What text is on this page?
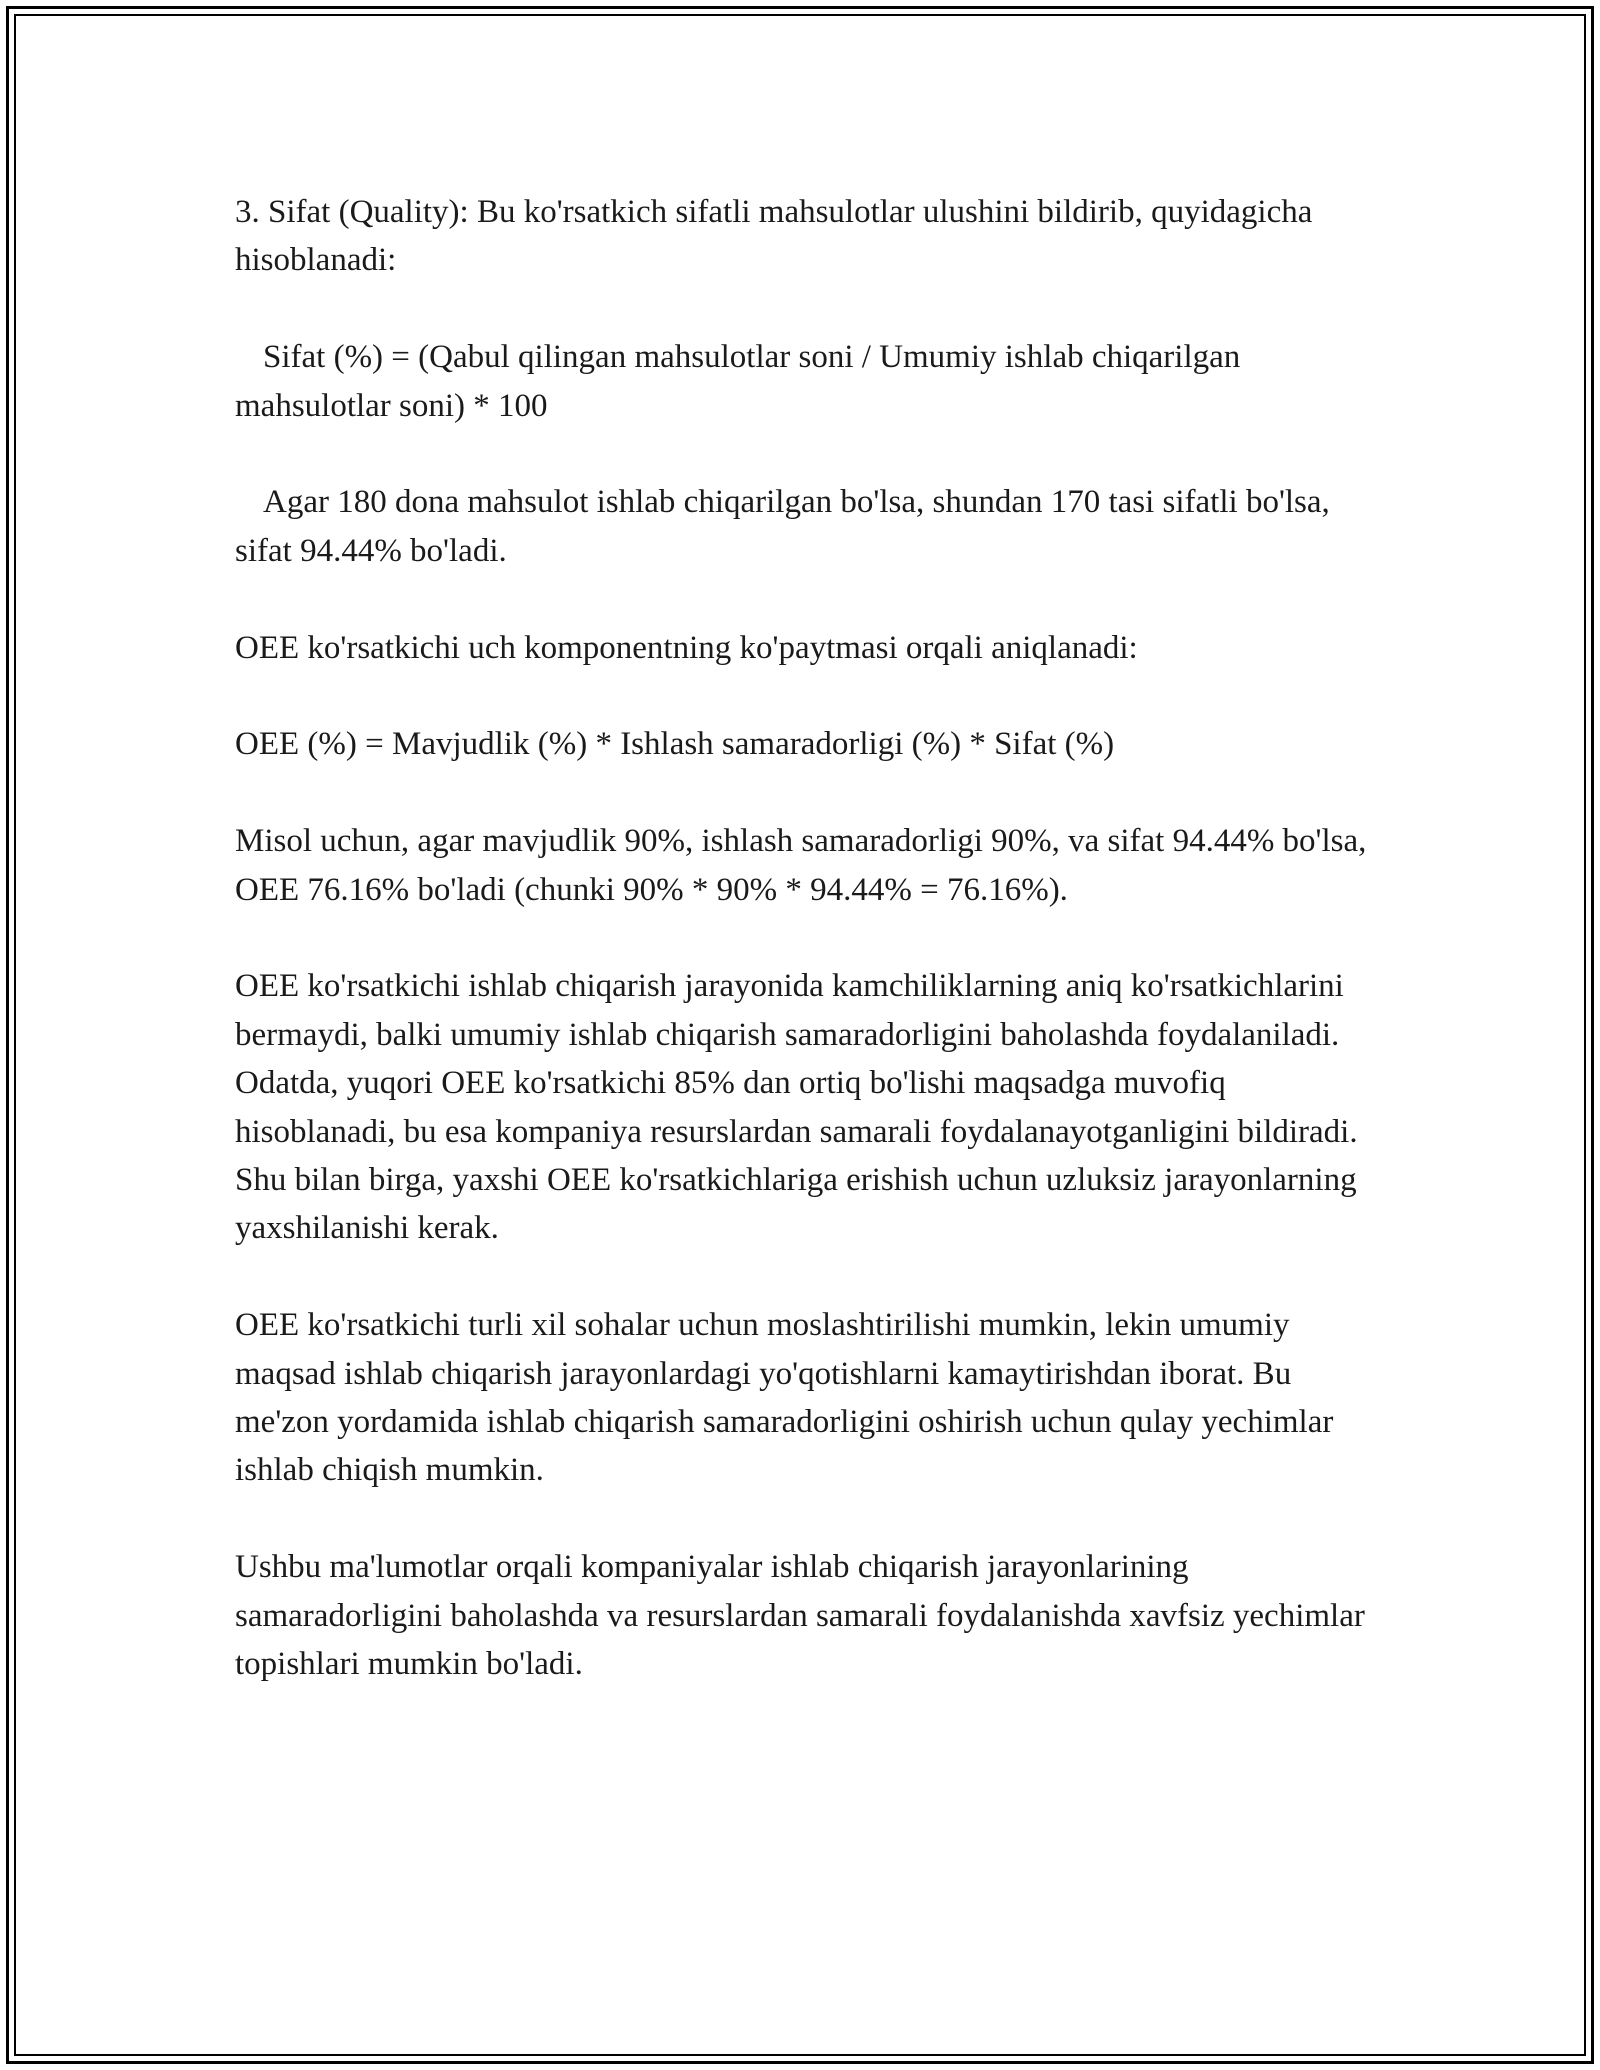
3. Sifat (Quality): Bu ko'rsatkich sifatli mahsulotlar ulushini bildirib, quyidagicha hisoblanadi:

Sifat (%) = (Qabul qilingan mahsulotlar soni / Umumiy ishlab chiqarilgan mahsulotlar soni) * 100

Agar 180 dona mahsulot ishlab chiqarilgan bo'lsa, shundan 170 tasi sifatli bo'lsa, sifat 94.44% bo'ladi.

OEE ko'rsatkichi uch komponentning ko'paytmasi orqali aniqlanadi:

OEE (%) = Mavjudlik (%) * Ishlash samaradorligi (%) * Sifat (%)

Misol uchun, agar mavjudlik 90%, ishlash samaradorligi 90%, va sifat 94.44% bo'lsa, OEE 76.16% bo'ladi (chunki 90% * 90% * 94.44% = 76.16%).

OEE ko'rsatkichi ishlab chiqarish jarayonida kamchiliklarning aniq ko'rsatkichlarini bermaydi, balki umumiy ishlab chiqarish samaradorligini baholashda foydalaniladi. Odatda, yuqori OEE ko'rsatkichi 85% dan ortiq bo'lishi maqsadga muvofiq hisoblanadi, bu esa kompaniya resurslardan samarali foydalanayotganligini bildiradi. Shu bilan birga, yaxshi OEE ko'rsatkichlariga erishish uchun uzluksiz jarayonlarning yaxshilanishi kerak.

OEE ko'rsatkichi turli xil sohalar uchun moslashtirilishi mumkin, lekin umumiy maqsad ishlab chiqarish jarayonlardagi yo'qotishlarni kamaytirishdan iborat. Bu me'zon yordamida ishlab chiqarish samaradorligini oshirish uchun qulay yechimlar ishlab chiqish mumkin.

Ushbu ma'lumotlar orqali kompaniyalar ishlab chiqarish jarayonlarining samaradorligini baholashda va resurslardan samarali foydalanishda xavfsiz yechimlar topishlari mumkin bo'ladi.
